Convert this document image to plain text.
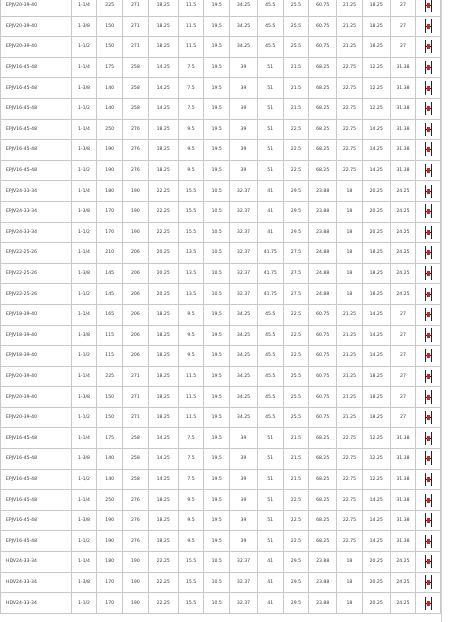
EPJV20-39-40	1-1/4	225	271	18.25	11.5	19.5	34.25	45.5	25.5	60.75	21.25	18.25	27	

EPJV20-39-40	1-3/8	150	271	18.25	11.5	19.5	34.25	45.5	25.5	60.75	21.25	18.25	27	

EPJV20-39-40	1-1/2	150	271	18.25	11.5	19.5	34.25	45.5	25.5	60.75	21.25	18.25	27	

EPJV16-45-48	1-1/4	175	258	14.25	7.5	19.5	39	51	21.5	68.25	22.75	12.25	31.38	

EPJV16-45-48	1-3/8	140	258	14.25	7.5	19.5	39	51	21.5	68.25	22.75	12.25	31.38	

EPJV16-45-48	1-1/2	140	258	14.25	7.5	19.5	39	51	21.5	68.25	22.75	12.25	31.38	

EPJV16-45-48	1-1/4	250	276	18.25	9.5	19.5	39	51	22.5	68.25	22.75	14.25	31.38	

EPJV16-45-48	1-3/8	190	276	18.25	9.5	19.5	39	51	22.5	68.25	22.75	14.25	31.38	

EPJV16-45-48	1-1/2	190	276	18.25	9.5	19.5	39	51	22.5	68.25	22.75	14.25	31.38	

EPJV24-33-34	1-1/4	180	190	22.25	15.5	10.5	32.37	41	29.5	23.88	18	20.25	24.25	

EPJV24-33-34	1-3/8	170	190	22.25	15.5	10.5	32.37	41	29.5	23.88	18	20.25	24.25	

EPJV24-33-34	1-1/2	170	190	22.25	15.5	10.5	32.37	41	29.5	23.88	18	20.25	24.25	

EPJV22-25-26	1-1/4	210	206	20.25	13.5	10.5	32.37	41.75	27.5	24.88	18	18.25	24.25	

EPJV22-25-26	1-3/8	145	206	20.25	13.5	10.5	32.37	41.75	27.5	24.88	18	18.25	24.25	

EPJV22-25-26	1-1/2	145	206	20.25	13.5	10.5	32.37	41.75	27.5	24.88	18	18.25	24.25	

EPJV18-39-40	1-1/4	165	206	18.25	9.5	19.5	34.25	45.5	22.5	60.75	21.25	14.25	27	

EPJV18-39-40	1-3/8	115	206	18.25	9.5	19.5	34.25	45.5	22.5	60.75	21.25	14.25	27	

EPJV18-39-40	1-1/2	115	206	18.25	9.5	19.5	34.25	45.5	22.5	60.75	21.25	14.25	27	

EPJV20-39-40	1-1/4	225	271	18.25	11.5	19.5	34.25	45.5	25.5	60.75	21.25	18.25	27	

EPJV20-39-40	1-3/8	150	271	18.25	11.5	19.5	34.25	45.5	25.5	60.75	21.25	18.25	27	

EPJV20-39-40	1-1/2	150	271	18.25	11.5	19.5	34.25	45.5	25.5	60.75	21.25	18.25	27	

EPJV16-45-48	1-1/4	175	258	14.25	7.5	19.5	39	51	21.5	68.25	22.75	12.25	31.38	

EPJV16-45-48	1-3/8	140	258	14.25	7.5	19.5	39	51	21.5	68.25	22.75	12.25	31.38	

EPJV16-45-48	1-1/2	140	258	14.25	7.5	19.5	39	51	21.5	68.25	22.75	12.25	31.38	

EPJV16-45-48	1-1/4	250	276	18.25	9.5	19.5	39	51	22.5	68.25	22.75	14.25	31.38	

EPJV16-45-48	1-3/8	190	276	18.25	9.5	19.5	39	51	22.5	68.25	22.75	14.25	31.38	

EPJV16-45-48	1-1/2	190	276	18.25	9.5	19.5	39	51	22.5	68.25	22.75	14.25	31.38	

HDV24-33-34	1-1/4	180	190	22.25	15.5	10.5	32.37	41	29.5	23.88	18	20.25	24.25	

HDV24-33-34	1-3/8	170	190	22.25	15.5	10.5	32.37	41	29.5	23.88	18	20.25	24.25	

HDV24-33-34	1-1/2	170	190	22.25	15.5	10.5	32.37	41	29.5	23.88	18	20.25	24.25	
